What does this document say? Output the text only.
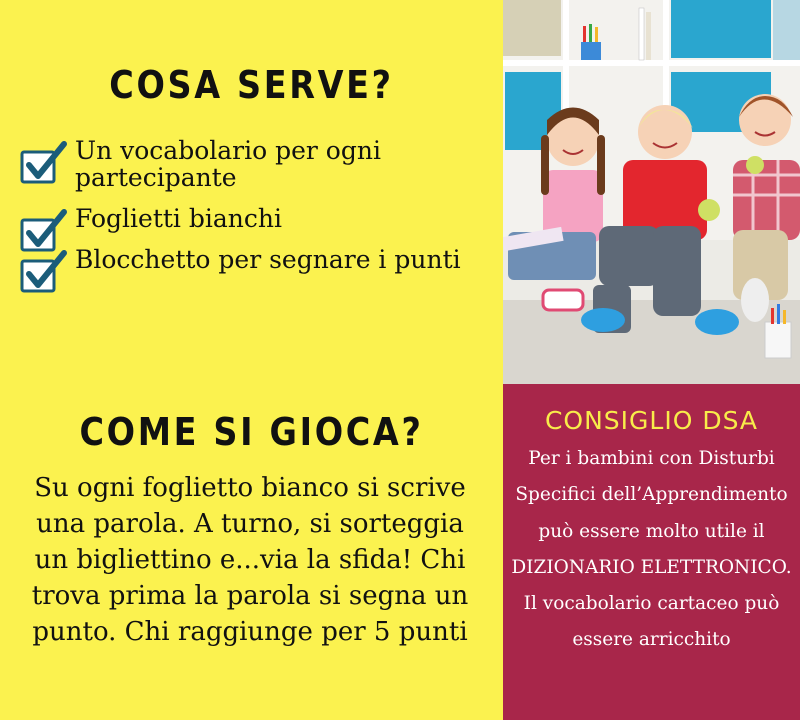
COSA SERVE?
Un vocabolario per ogni partecipante
Foglietti bianchi
Blocchetto per segnare i punti
COME SI GIOCA?
Su ogni foglietto bianco si scrive una parola. A turno, si sorteggia un bigliettino e...via la sfida! Chi trova prima la parola si segna un punto. Chi raggiunge per 5 punti
CONSIGLIO DSA
Per i bambini con Disturbi Specifici dell’Apprendimento può essere molto utile il DIZIONARIO ELETTRONICO. Il vocabolario cartaceo può essere arricchito
